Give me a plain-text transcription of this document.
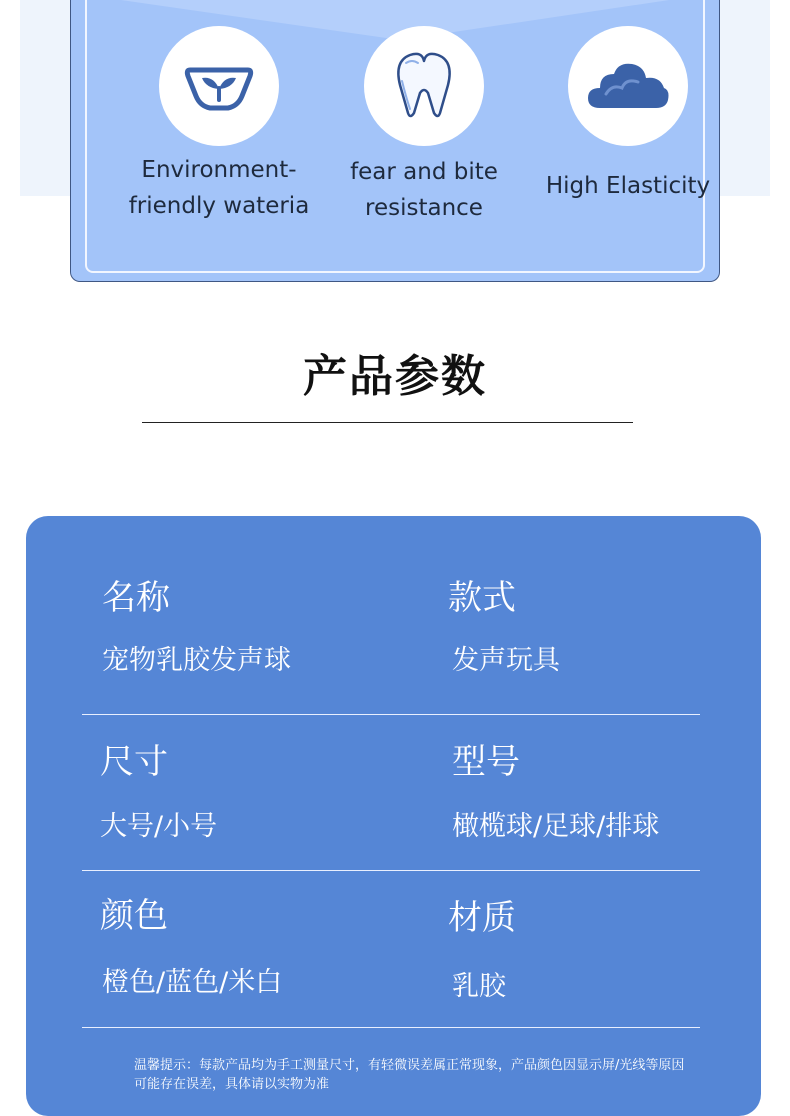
Environment-
friendly wateria
fear and bite
resistance
High Elasticity
产品参数
名称
宠物乳胶发声球
款式
发声玩具
尺寸
大号/小号
型号
橄榄球/足球/排球
颜色
橙色/蓝色/米白
材质
乳胶
温馨提示：每款产品均为手工测量尺寸，有轻微误差属正常现象，产品颜色因显示屏/光线等原因可能存在误差，具体请以实物为准
